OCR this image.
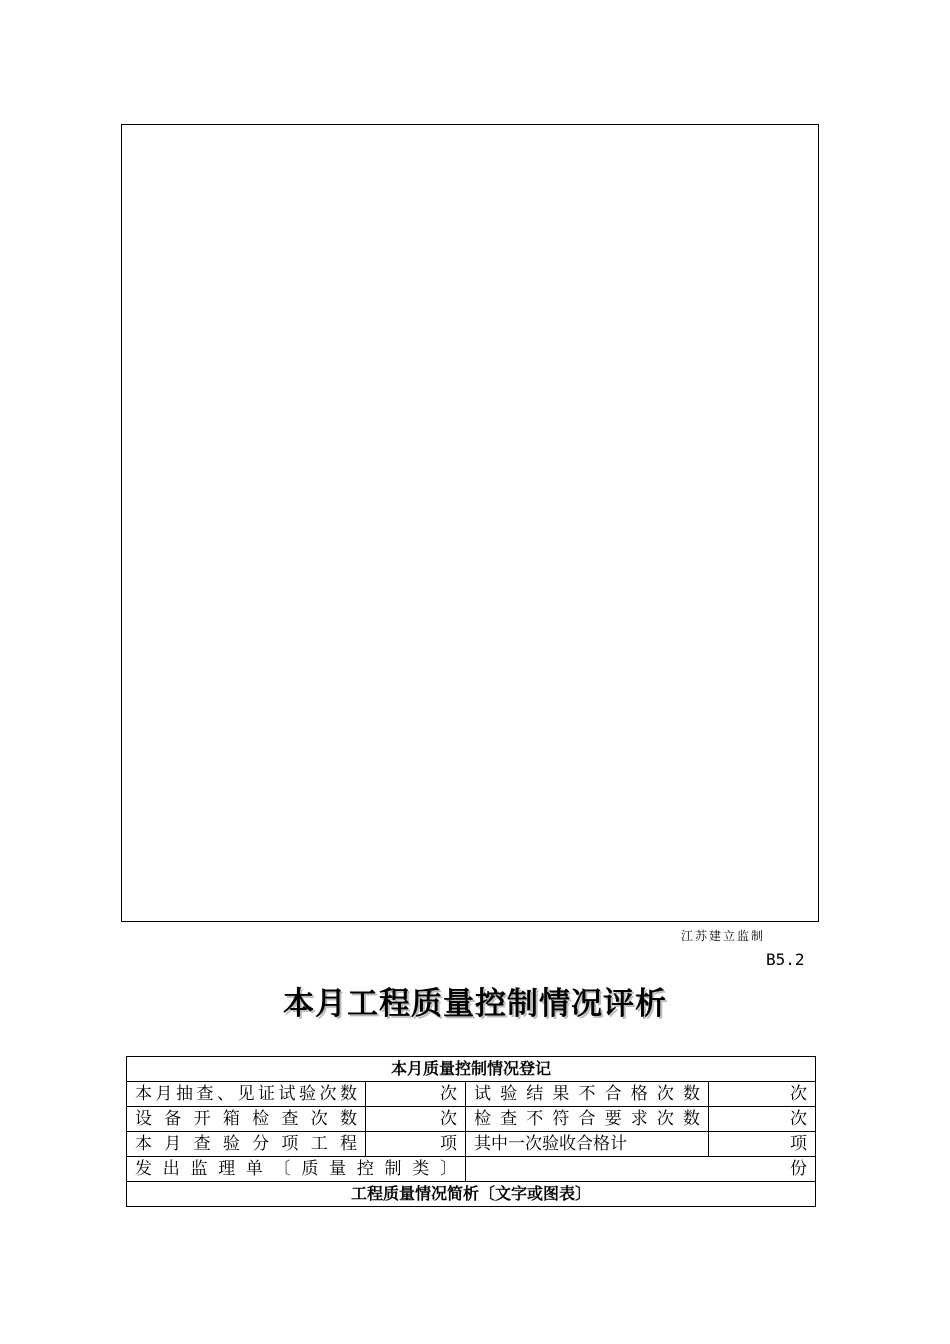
江苏建立监制
B5.2
本月工程质量控制情况评析
本月质量控制情况登记			
本月抽查、见证试验次数	次	试验结果不合格次数	次
设备开箱检查次数	次	检查不符合要求次数	次
本月查验分项工程	项	其中一次验收合格计	项
发出监理单〔质量控制类〕		份	
工程质量情况简析〔文字或图表〕			
